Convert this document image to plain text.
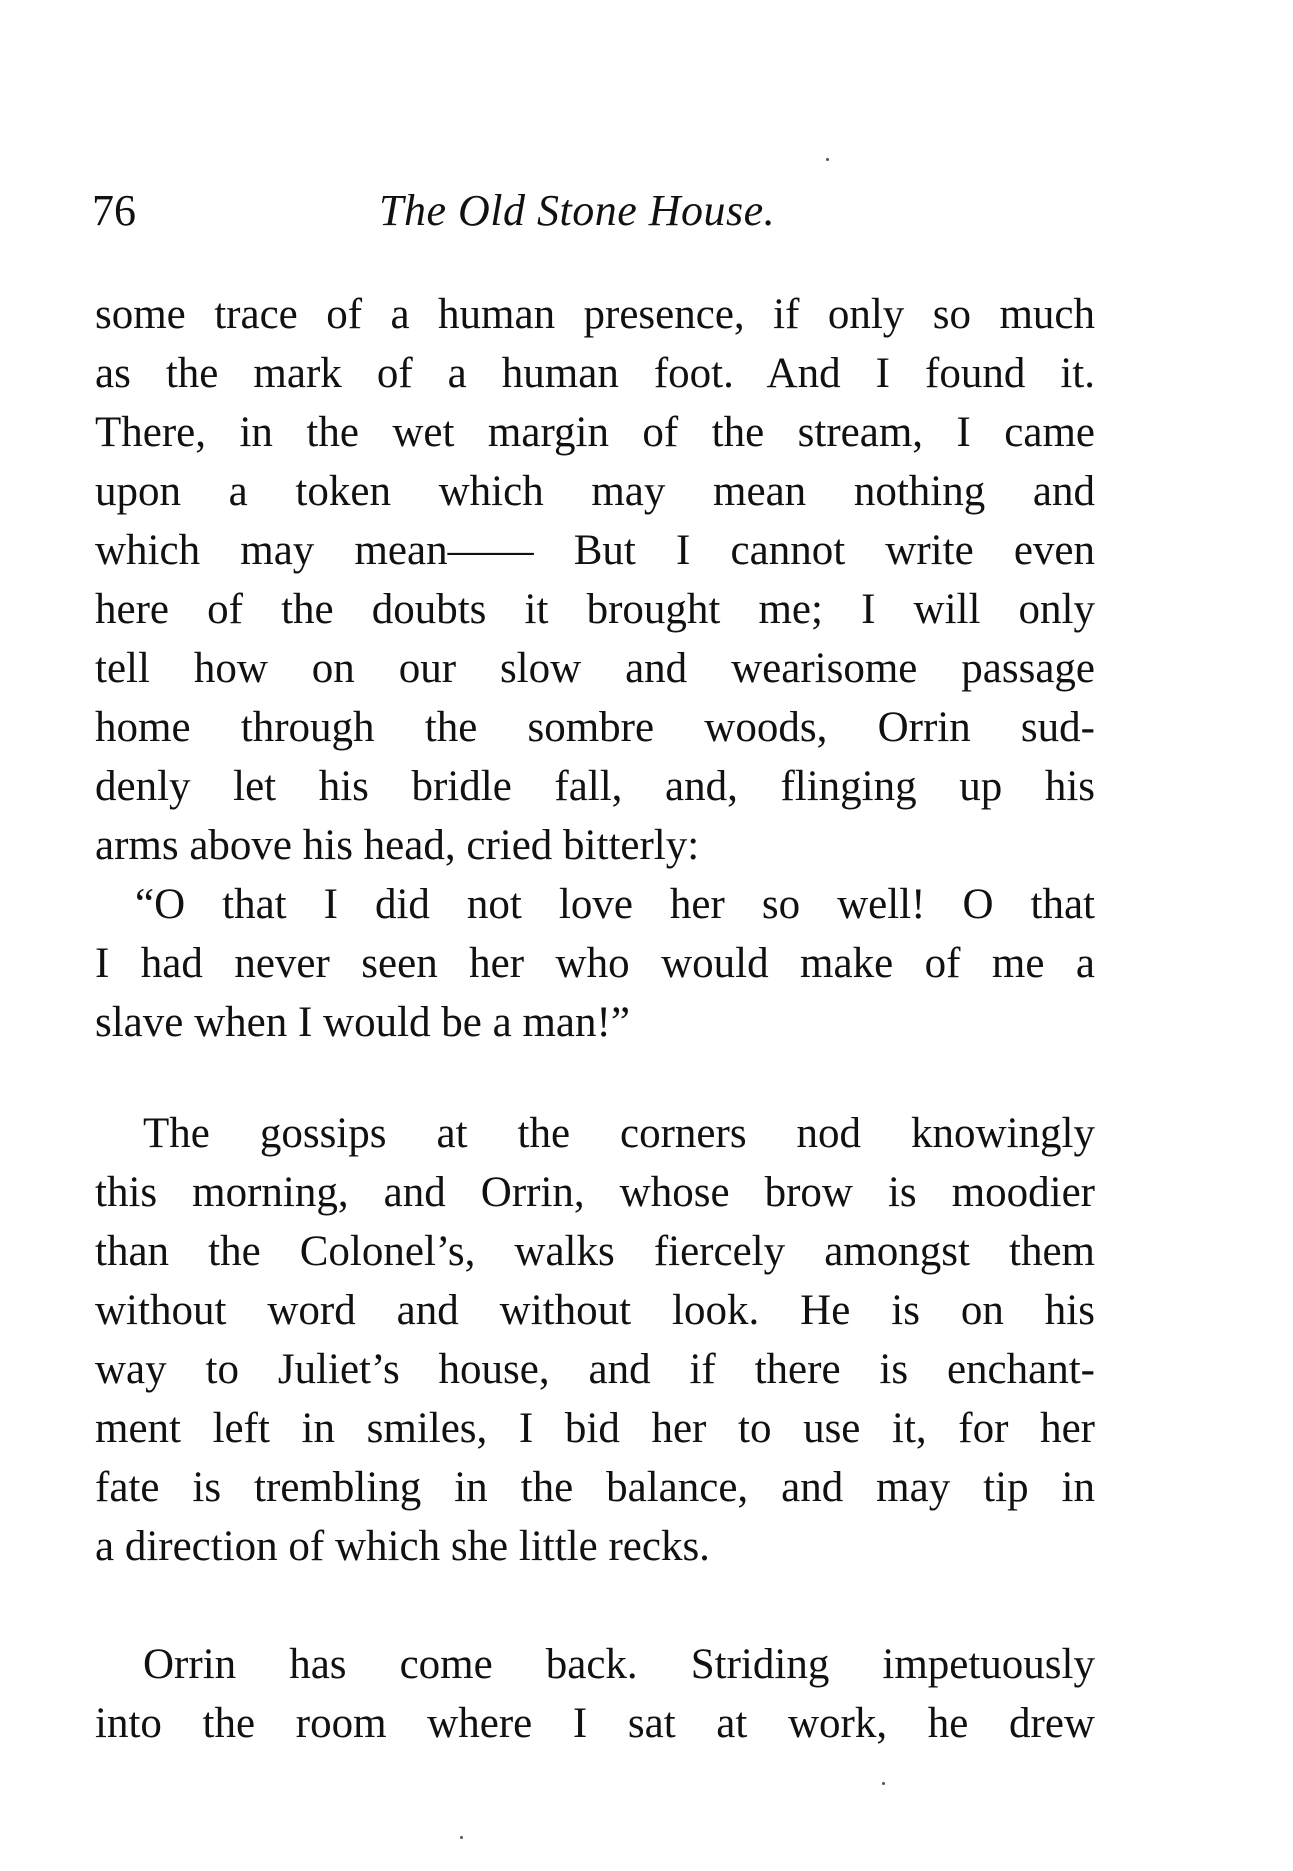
76	The Old Stone House.
some trace of a human presence, if only so much
as the mark of a human foot. And I found it.
There, in the wet margin of the stream, I came
upon a token which may mean nothing and
which may mean—— But I cannot write even
here of the doubts it brought me; I will only
tell how on our slow and wearisome passage
home through the sombre woods, Orrin sud-
denly let his bridle fall, and, flinging up his
arms above his head, cried bitterly:
“O that I did not love her so well! O that
I had never seen her who would make of me a
slave when I would be a man!”
The gossips at the corners nod knowingly
this morning, and Orrin, whose brow is moodier
than the Colonel’s, walks fiercely amongst them
without word and without look. He is on his
way to Juliet’s house, and if there is enchant-
ment left in smiles, I bid her to use it, for her
fate is trembling in the balance, and may tip in
a direction of which she little recks.
Orrin has come back. Striding impetuously
into the room where I sat at work, he drew
